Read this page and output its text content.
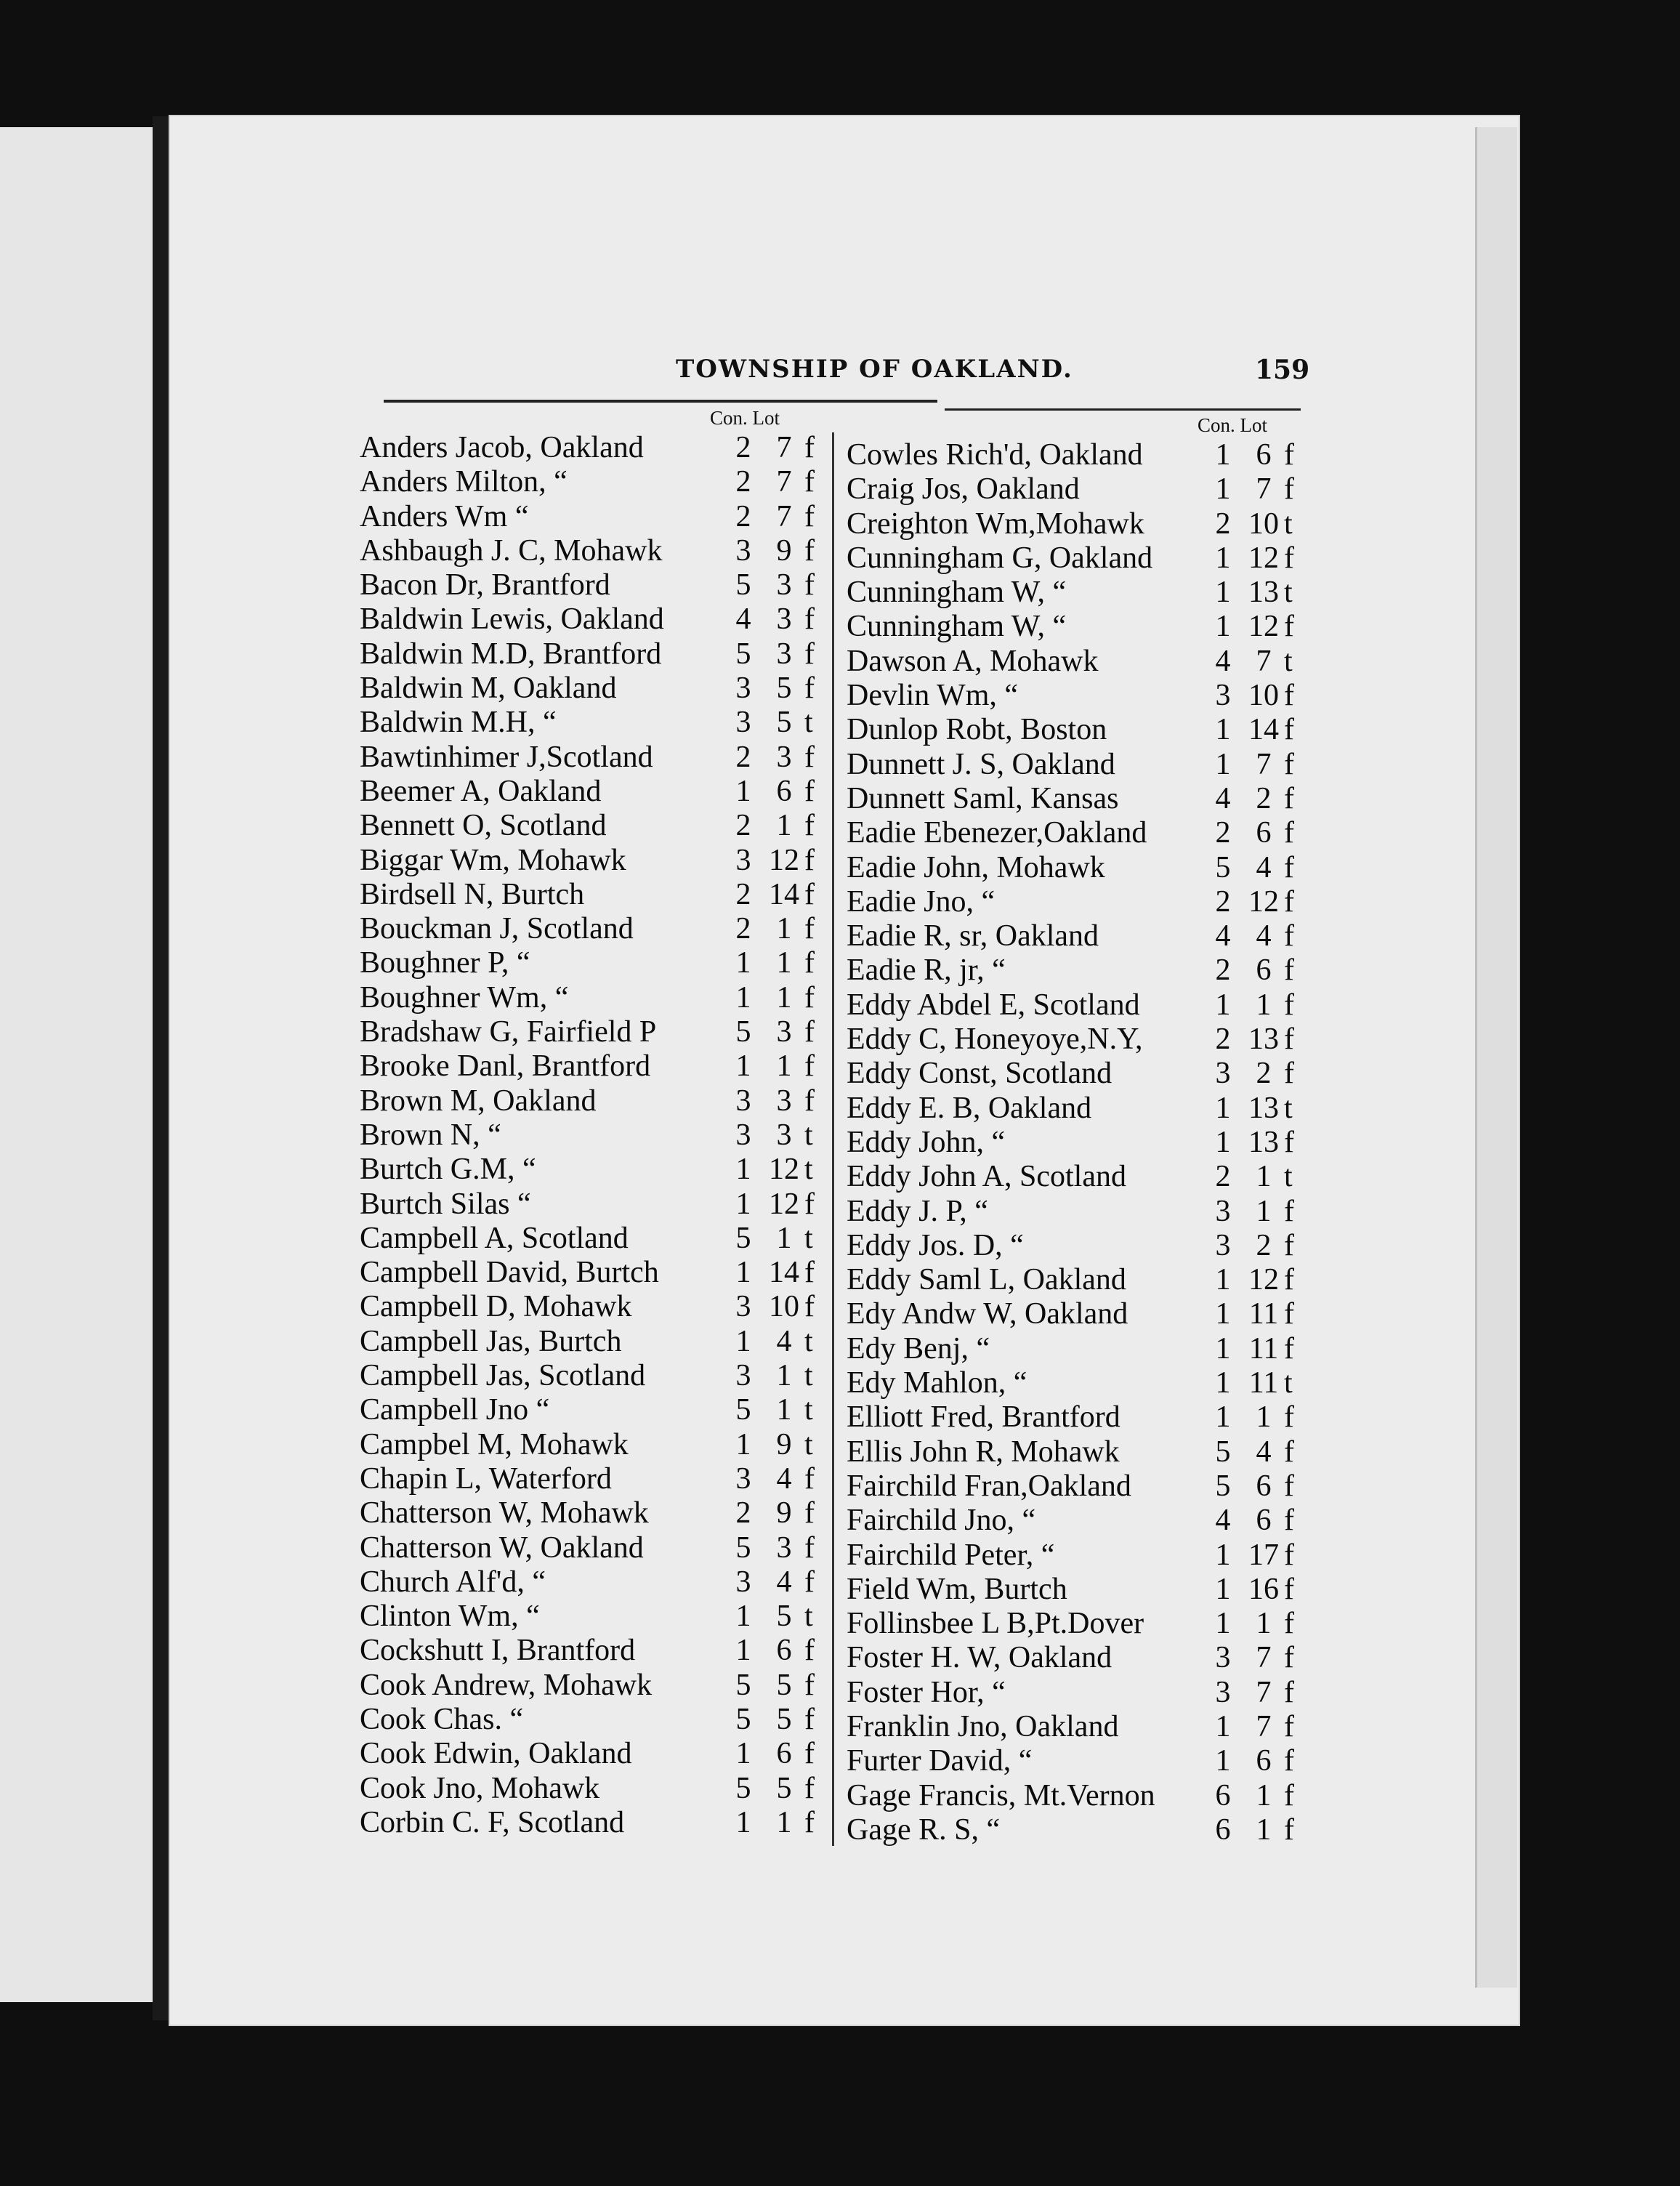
TOWNSHIP OF OAKLAND.	159
Con. Lot	Con. Lot
Anders Jacob, Oakland	2 7 f
Anders Milton, “	2 7 f
Anders Wm “	2 7 f
Ashbaugh J. C, Mohawk	3 9 f
Bacon Dr, Brantford	5 3 f
Baldwin Lewis, Oakland	4 3 f
Baldwin M.D, Brantford	5 3 f
Baldwin M, Oakland	3 5 f
Baldwin M.H, “	3 5 t
Bawtinhimer J,Scotland	2 3 f
Beemer A, Oakland	1 6 f
Bennett O, Scotland	2 1 f
Biggar Wm, Mohawk	3 12 f
Birdsell N, Burtch	2 14 f
Bouckman J, Scotland	2 1 f
Boughner P, “	1 1 f
Boughner Wm, “	1 1 f
Bradshaw G, Fairfield P	5 3 f
Brooke Danl, Brantford	1 1 f
Brown M, Oakland	3 3 f
Brown N, “	3 3 t
Burtch G.M, “	1 12 t
Burtch Silas “	1 12 f
Campbell A, Scotland	5 1 t
Campbell David, Burtch	1 14 f
Campbell D, Mohawk	3 10 f
Campbell Jas, Burtch	1 4 t
Campbell Jas, Scotland	3 1 t
Campbell Jno “	5 1 t
Campbel M, Mohawk	1 9 t
Chapin L, Waterford	3 4 f
Chatterson W, Mohawk	2 9 f
Chatterson W, Oakland	5 3 f
Church Alf'd, “	3 4 f
Clinton Wm, “	1 5 t
Cockshutt I, Brantford	1 6 f
Cook Andrew, Mohawk	5 5 f
Cook Chas. “	5 5 f
Cook Edwin, Oakland	1 6 f
Cook Jno, Mohawk	5 5 f
Corbin C. F, Scotland	1 1 f
Cowles Rich'd, Oakland	1 6 f
Craig Jos, Oakland	1 7 f
Creighton Wm,Mohawk	2 10 t
Cunningham G, Oakland	1 12 f
Cunningham W, “	1 13 t
Cunningham W, “	1 12 f
Dawson A, Mohawk	4 7 t
Devlin Wm, “	3 10 f
Dunlop Robt, Boston	1 14 f
Dunnett J. S, Oakland	1 7 f
Dunnett Saml, Kansas	4 2 f
Eadie Ebenezer,Oakland	2 6 f
Eadie John, Mohawk	5 4 f
Eadie Jno, “	2 12 f
Eadie R, sr, Oakland	4 4 f
Eadie R, jr, “	2 6 f
Eddy Abdel E, Scotland	1 1 f
Eddy C, Honeyoye,N.Y,	2 13 f
Eddy Const, Scotland	3 2 f
Eddy E. B, Oakland	1 13 t
Eddy John, “	1 13 f
Eddy John A, Scotland	2 1 t
Eddy J. P, “	3 1 f
Eddy Jos. D, “	3 2 f
Eddy Saml L, Oakland	1 12 f
Edy Andw W, Oakland	1 11 f
Edy Benj, “	1 11 f
Edy Mahlon, “	1 11 t
Elliott Fred, Brantford	1 1 f
Ellis John R, Mohawk	5 4 f
Fairchild Fran,Oakland	5 6 f
Fairchild Jno, “	4 6 f
Fairchild Peter, “	1 17 f
Field Wm, Burtch	1 16 f
Follinsbee L B,Pt.Dover	1 1 f
Foster H. W, Oakland	3 7 f
Foster Hor, “	3 7 f
Franklin Jno, Oakland	1 7 f
Furter David, “	1 6 f
Gage Francis, Mt.Vernon	6 1 f
Gage R. S, “	6 1 f
